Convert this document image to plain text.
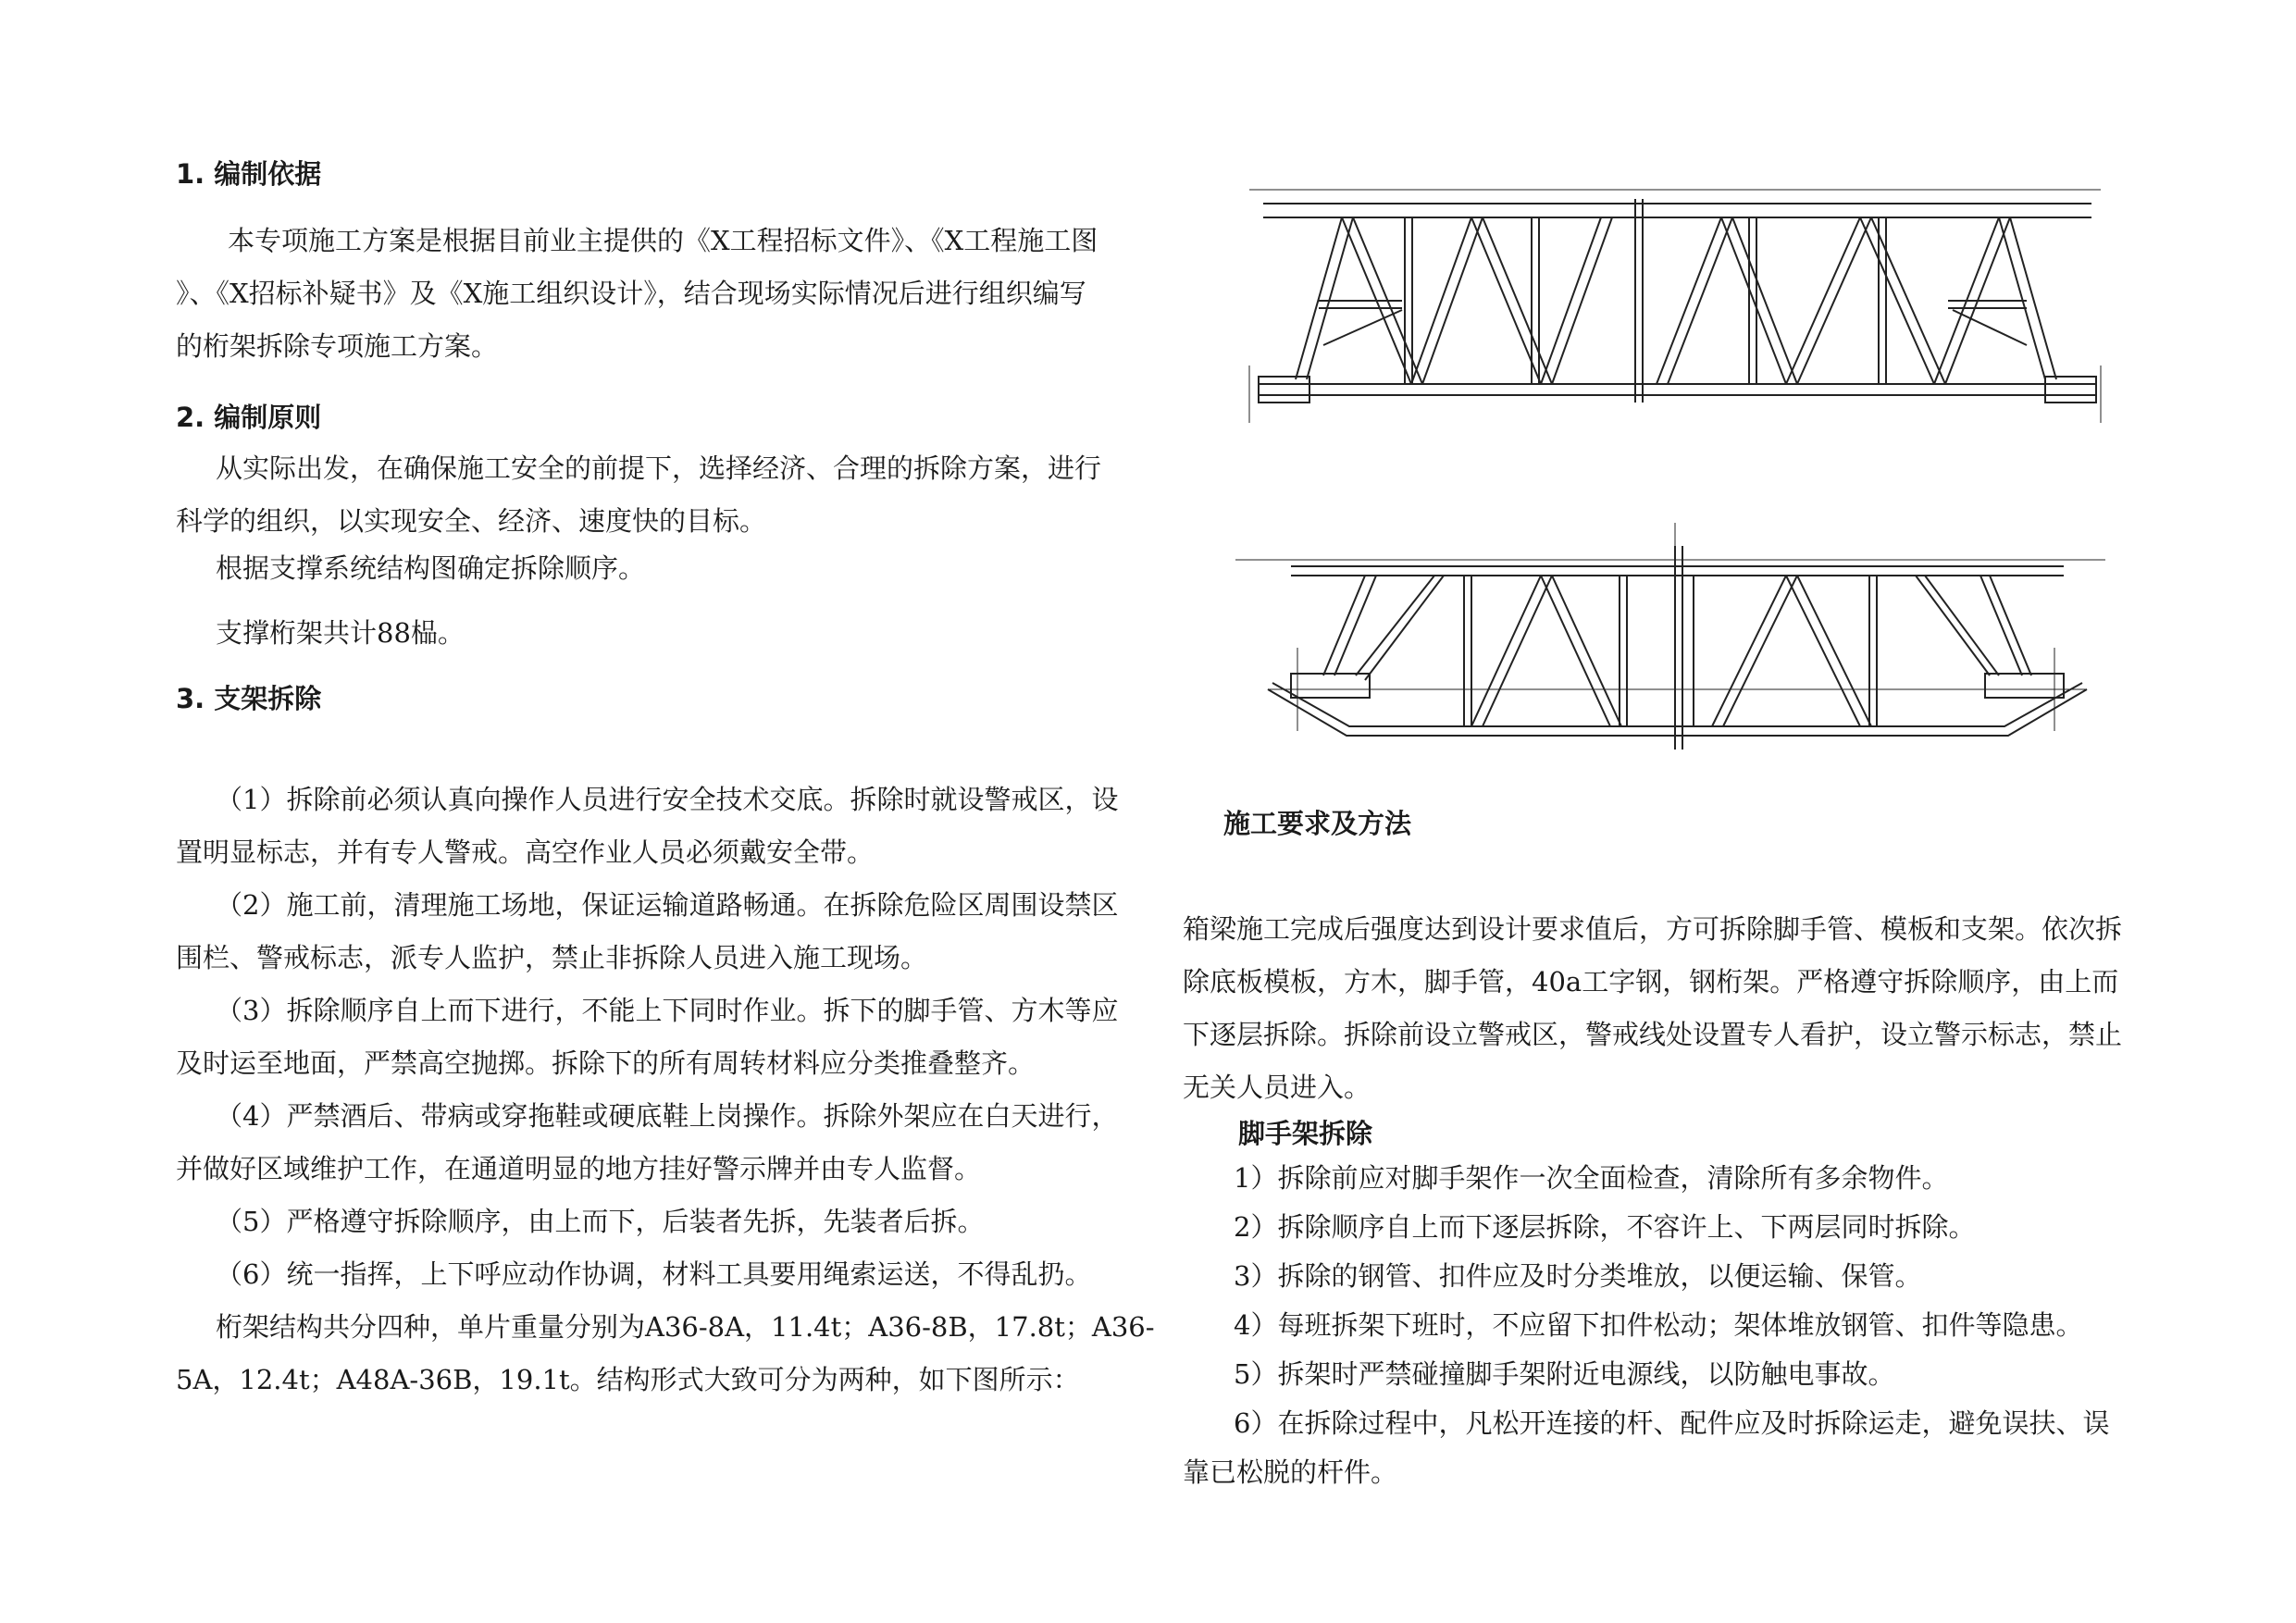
1. 编制依据

本专项施工方案是根据目前业主提供的《X工程招标文件》、《X工程施工图

》、《X招标补疑书》及《X施工组织设计》，结合现场实际情况后进行组织编写

的桁架拆除专项施工方案。

2. 编制原则

从实际出发，在确保施工安全的前提下，选择经济、合理的拆除方案，进行

科学的组织，以实现安全、经济、速度快的目标。

根据支撑系统结构图确定拆除顺序。

支撑桁架共计88榀。

3. 支架拆除

（1）拆除前必须认真向操作人员进行安全技术交底。拆除时就设警戒区，设

置明显标志，并有专人警戒。高空作业人员必须戴安全带。

（2）施工前，清理施工场地，保证运输道路畅通。在拆除危险区周围设禁区

围栏、警戒标志，派专人监护，禁止非拆除人员进入施工现场。

（3）拆除顺序自上而下进行，不能上下同时作业。拆下的脚手管、方木等应

及时运至地面，严禁高空抛掷。拆除下的所有周转材料应分类推叠整齐。

（4）严禁酒后、带病或穿拖鞋或硬底鞋上岗操作。拆除外架应在白天进行，

并做好区域维护工作，在通道明显的地方挂好警示牌并由专人监督。

（5）严格遵守拆除顺序，由上而下，后装者先拆，先装者后拆。

（6）统一指挥，上下呼应动作协调，材料工具要用绳索运送，不得乱扔。

桁架结构共分四种，单片重量分别为A36-8A，11.4t；A36-8B，17.8t；A36-

5A，12.4t；A48A-36B，19.1t。结构形式大致可分为两种，如下图所示：

施工要求及方法

箱梁施工完成后强度达到设计要求值后，方可拆除脚手管、模板和支架。依次拆

除底板模板，方木，脚手管，40a工字钢，钢桁架。严格遵守拆除顺序，由上而

下逐层拆除。拆除前设立警戒区，警戒线处设置专人看护，设立警示标志，禁止

无关人员进入。

脚手架拆除

1）拆除前应对脚手架作一次全面检查，清除所有多余物件。

2）拆除顺序自上而下逐层拆除，不容许上、下两层同时拆除。

3）拆除的钢管、扣件应及时分类堆放，以便运输、保管。

4）每班拆架下班时，不应留下扣件松动；架体堆放钢管、扣件等隐患。

5）拆架时严禁碰撞脚手架附近电源线，以防触电事故。

6）在拆除过程中，凡松开连接的杆、配件应及时拆除运走，避免误扶、误

靠已松脱的杆件。
